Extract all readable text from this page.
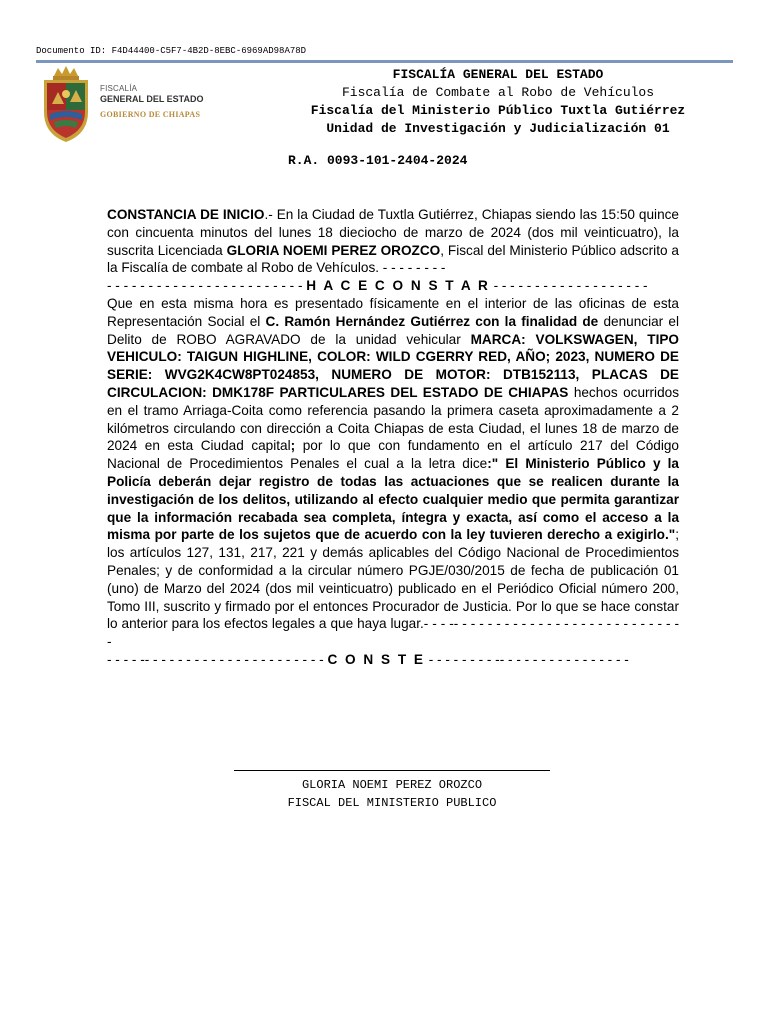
Documento ID: F4D44400-C5F7-4B2D-8EBC-6969AD98A78D
FISCALÍA
GENERAL DEL ESTADO
GOBIERNO DE CHIAPAS
FISCALÍA GENERAL DEL ESTADO
Fiscalía de Combate al Robo de Vehículos
Fiscalía del Ministerio Público Tuxtla Gutiérrez
Unidad de Investigación y Judicialización 01
R.A. 0093-101-2404-2024

CONSTANCIA DE INICIO.- En la Ciudad de Tuxtla Gutiérrez, Chiapas siendo las 15:50 quince con cincuenta minutos del lunes 18 dieciocho de marzo de 2024 (dos mil veinticuatro), la suscrita Licenciada GLORIA NOEMI PEREZ OROZCO, Fiscal del Ministerio Público adscrito a la Fiscalía de combate al Robo de Vehículos. - - - - - - - -

- - - - - - - - - - - - - - - - - - - - - - - - H A C E C O N S T A R - - - - - - - - - - - - - - - - - - -

Que en esta misma hora es presentado físicamente en el interior de las oficinas de esta Representación Social el C. Ramón Hernández Gutiérrez con la finalidad de denunciar el Delito de ROBO AGRAVADO de la unidad vehicular MARCA: VOLKSWAGEN, TIPO VEHICULO: TAIGUN HIGHLINE, COLOR: WILD CGERRY RED, AÑO; 2023, NUMERO DE SERIE: WVG2K4CW8PT024853, NUMERO DE MOTOR: DTB152113, PLACAS DE CIRCULACION: DMK178F PARTICULARES DEL ESTADO DE CHIAPAS hechos ocurridos en el tramo Arriaga-Coita como referencia pasando la primera caseta aproximadamente a 2 kilómetros circulando con dirección a Coita Chiapas de esta Ciudad, el lunes 18 de marzo de 2024 en esta Ciudad capital; por lo que con fundamento en el artículo 217 del Código Nacional de Procedimientos Penales el cual a la letra dice:" El Ministerio Público y la Policía deberán dejar registro de todas las actuaciones que se realicen durante la investigación de los delitos, utilizando al efecto cualquier medio que permita garantizar que la información recabada sea completa, íntegra y exacta, así como el acceso a la misma por parte de los sujetos que de acuerdo con la ley tuvieren derecho a exigirlo."; los artículos 127, 131, 217, 221 y demás aplicables del Código Nacional de Procedimientos Penales; y de conformidad a la circular número PGJE/030/2015 de fecha de publicación 01 (uno) de Marzo del 2024 (dos mil veinticuatro) publicado en el Periódico Oficial número 200, Tomo III, suscrito y firmado por el entonces Procurador de Justicia. Por lo que se hace constar lo anterior para los efectos legales a que haya lugar.- - - -- - - - - - - - - - - - - - - - - - - - - - - - - - - -

- - - - -- - - - - - - - - - - - - - - - - - - - - - C O N S T E - - - - - - - - -- - - - - - - - - - - - - - - -
GLORIA NOEMI PEREZ OROZCO
FISCAL DEL MINISTERIO PUBLICO
